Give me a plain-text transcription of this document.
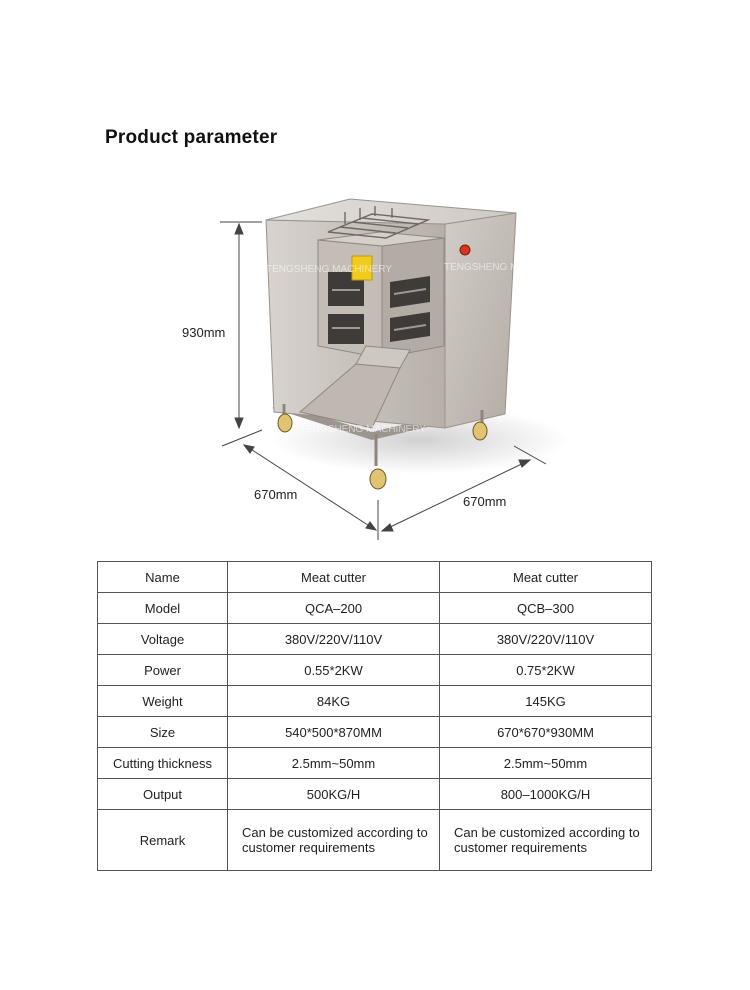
Product parameter
TENGSHENG MACHINERY	TENGSHENG MACHINERY
TENGSHENG MACHINERY
930mm
670mm	670mm
Name	Meat cutter	Meat cutter
Model	QCA–200	QCB–300
Voltage	380V/220V/110V	380V/220V/110V
Power	0.55*2KW	0.75*2KW
Weight	84KG	145KG
Size	540*500*870MM	670*670*930MM
Cutting thickness	2.5mm~50mm	2.5mm~50mm
Output	500KG/H	800–1000KG/H
Remark	Can be customized according to customer requirements	Can be customized according to customer requirements
